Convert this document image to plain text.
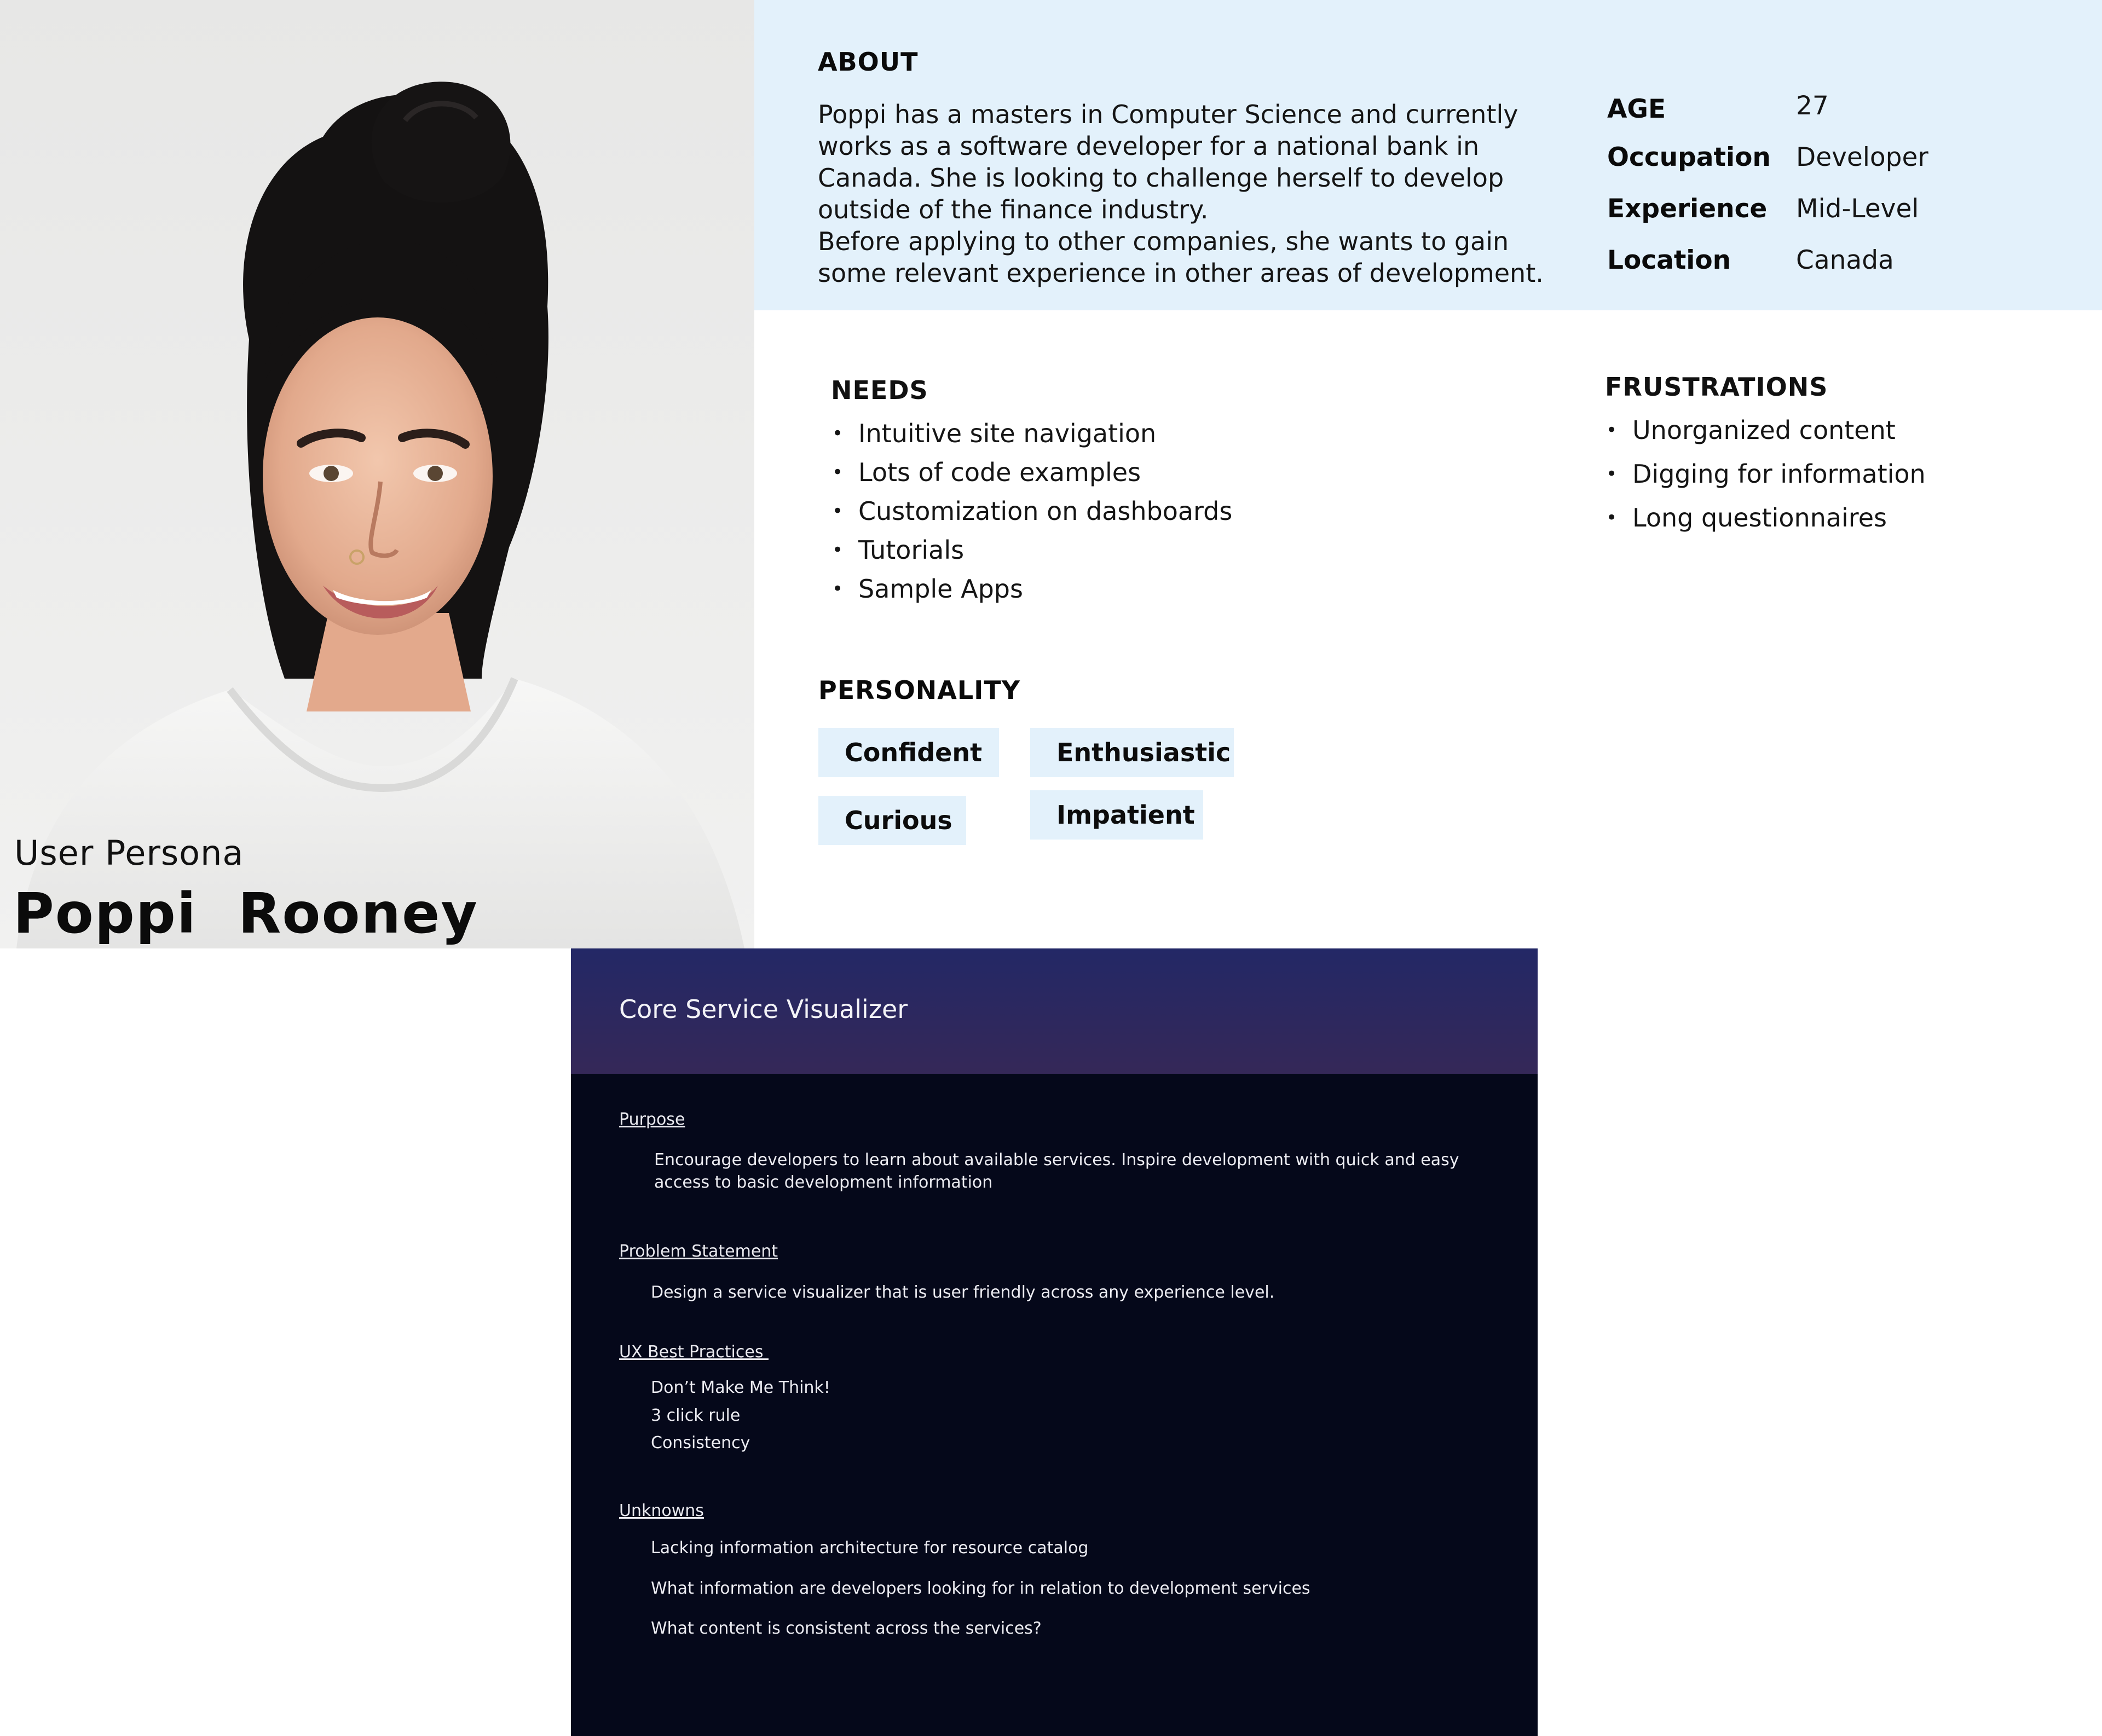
User Persona
Poppi  Rooney
ABOUT

Poppi has a masters in Computer Science and currently works as a software developer for a national bank in Canada. She is looking to challenge herself to develop outside of the finance industry.

Before applying to other companies, she wants to gain some relevant experience in other areas of development.

AGE	27
Occupation Developer
Experience Mid-Level
Location	Canada
NEEDS
• Intuitive site navigation
• Lots of code examples
• Customization on dashboards
• Tutorials
• Sample Apps
FRUSTRATIONS
• Unorganized content
• Digging for information
• Long questionnaires
PERSONALITY
Confident	Enthusiastic
Curious	Impatient
Core Service Visualizer
Purpose
Encourage developers to learn about available services. Inspire development with quick and easy access to basic development information
Problem Statement
Design a service visualizer that is user friendly across any experience level.
UX Best Practices
Don’t Make Me Think!
3 click rule
Consistency
Unknowns
Lacking information architecture for resource catalog
What information are developers looking for in relation to development services
What content is consistent across the services?
